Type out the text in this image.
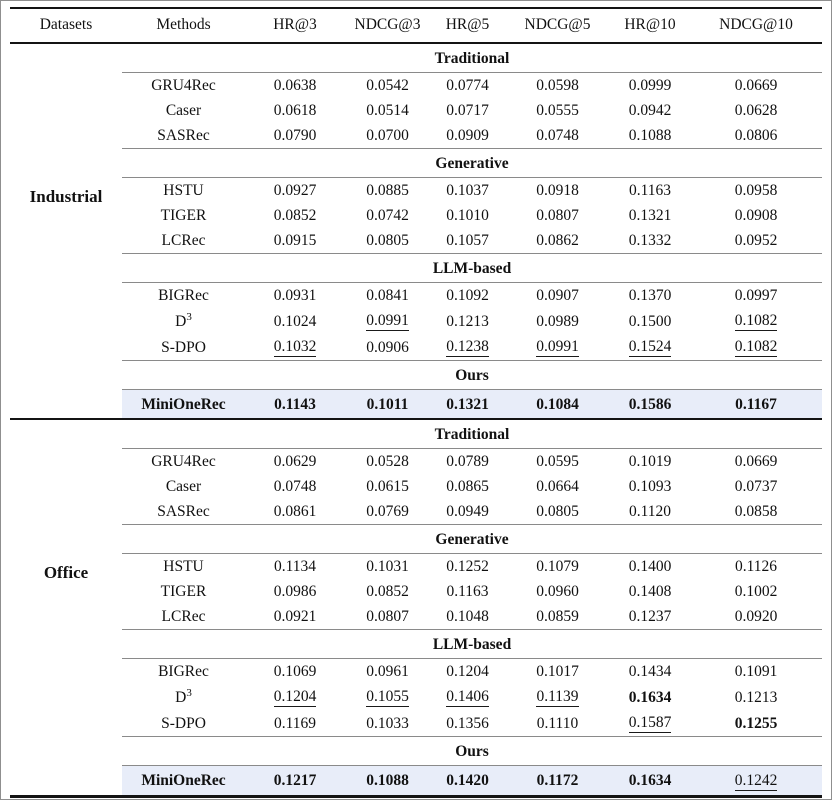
Datasets	Methods	HR@3	NDCG@3	HR@5	NDCG@5	HR@10	NDCG@10
Industrial	Traditional						
	GRU4Rec	0.0638	0.0542	0.0774	0.0598	0.0999	0.0669
	Caser	0.0618	0.0514	0.0717	0.0555	0.0942	0.0628
	SASRec	0.0790	0.0700	0.0909	0.0748	0.1088	0.0806
	Generative						
	HSTU	0.0927	0.0885	0.1037	0.0918	0.1163	0.0958
	TIGER	0.0852	0.0742	0.1010	0.0807	0.1321	0.0908
	LCRec	0.0915	0.0805	0.1057	0.0862	0.1332	0.0952
	LLM-based						
	BIGRec	0.0931	0.0841	0.1092	0.0907	0.1370	0.0997
	$D^3$	0.1024	0.0991	0.1213	0.0989	0.1500	0.1082
	S-DPO	0.1032	0.0906	0.1238	0.0991	0.1524	0.1082
	Ours						
	MiniOneRec	0.1143	0.1011	0.1321	0.1084	0.1586	0.1167
Office	Traditional						
	GRU4Rec	0.0629	0.0528	0.0789	0.0595	0.1019	0.0669
	Caser	0.0748	0.0615	0.0865	0.0664	0.1093	0.0737
	SASRec	0.0861	0.0769	0.0949	0.0805	0.1120	0.0858
	Generative						
	HSTU	0.1134	0.1031	0.1252	0.1079	0.1400	0.1126
	TIGER	0.0986	0.0852	0.1163	0.0960	0.1408	0.1002
	LCRec	0.0921	0.0807	0.1048	0.0859	0.1237	0.0920
	LLM-based						
	BIGRec	0.1069	0.0961	0.1204	0.1017	0.1434	0.1091
	$D^3$	0.1204	0.1055	0.1406	0.1139	0.1634	0.1213
	S-DPO	0.1169	0.1033	0.1356	0.1110	0.1587	0.1255
	Ours						
	MiniOneRec	0.1217	0.1088	0.1420	0.1172	0.1634	0.1242
